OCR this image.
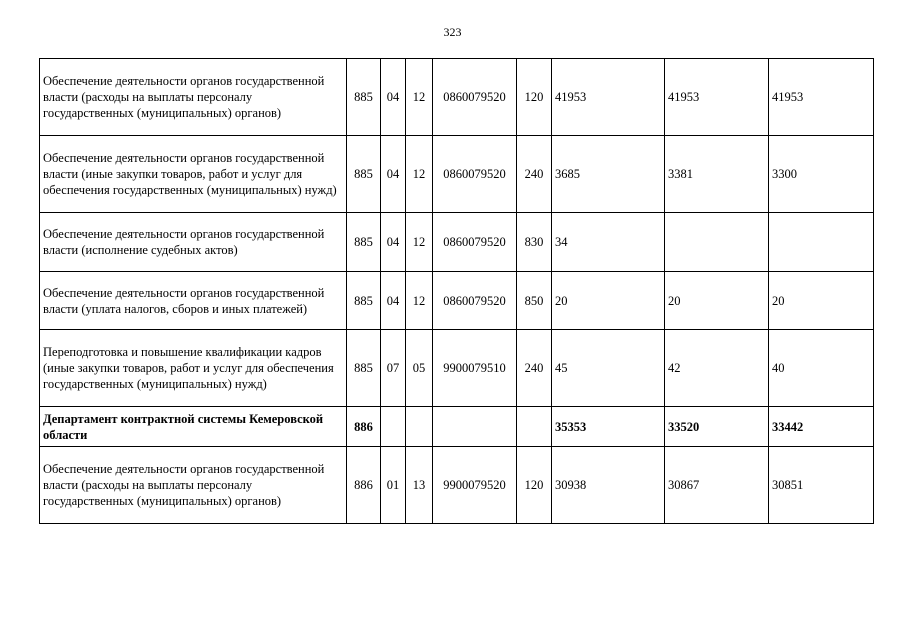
323
Обеспечение деятельности органов государственной власти (расходы на выплаты персоналу государственных (муниципальных) органов)	885	04	12	0860079520	120	41953	41953	41953
Обеспечение деятельности органов государственной власти (иные закупки товаров, работ и услуг для обеспечения государственных (муниципальных) нужд)	885	04	12	0860079520	240	3685	3381	3300
Обеспечение деятельности органов государственной власти (исполнение судебных актов)	885	04	12	0860079520	830	34		
Обеспечение деятельности органов государственной власти (уплата налогов, сборов и иных платежей)	885	04	12	0860079520	850	20	20	20
Переподготовка и повышение квалификации кадров (иные закупки товаров, работ и услуг для обеспечения государственных (муниципальных) нужд)	885	07	05	9900079510	240	45	42	40
Департамент контрактной системы Кемеровской области	886					35353	33520	33442
Обеспечение деятельности органов государственной власти (расходы на выплаты персоналу государственных (муниципальных) органов)	886	01	13	9900079520	120	30938	30867	30851
